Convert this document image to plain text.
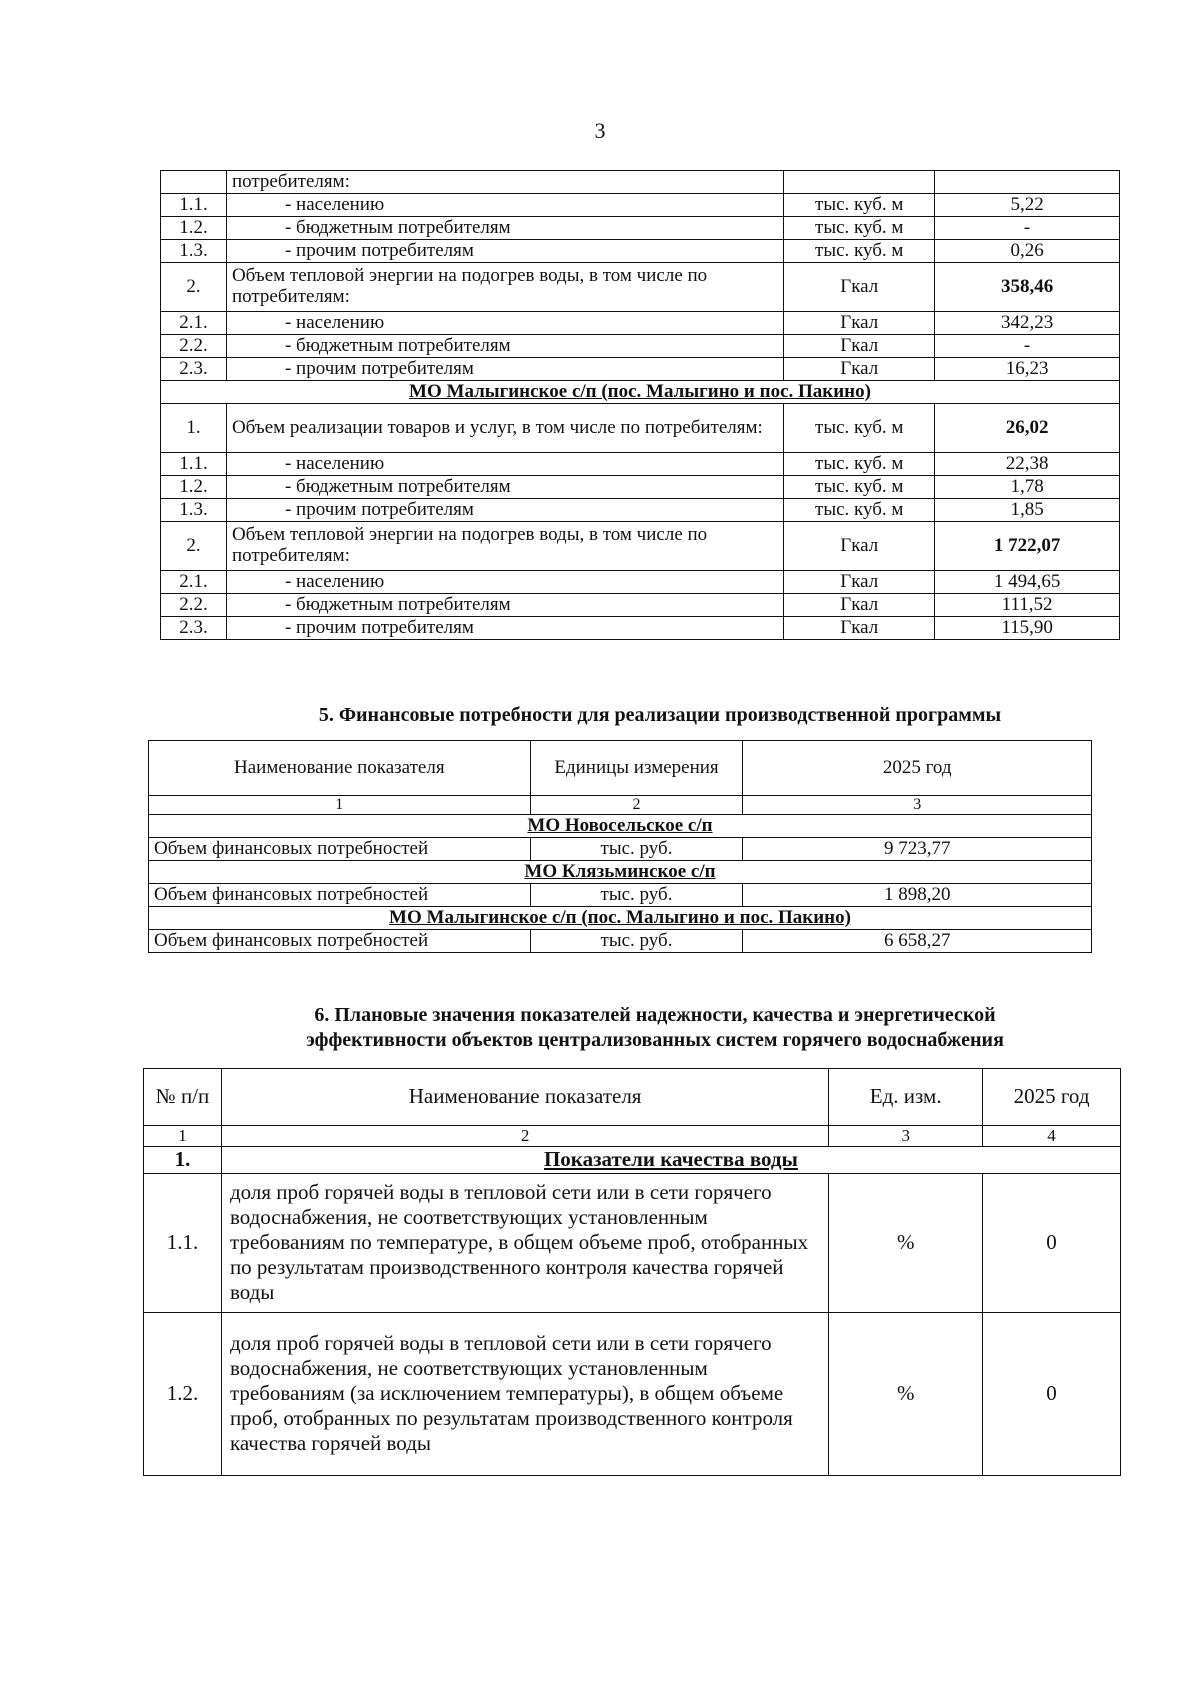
3
	потребителям:		
1.1.	- населению	тыс. куб. м	5,22
1.2.	- бюджетным потребителям	тыс. куб. м	-
1.3.	- прочим потребителям	тыс. куб. м	0,26
2.	Объем тепловой энергии на подогрев воды, в том числе по потребителям:	Гкал	358,46
2.1.	- населению	Гкал	342,23
2.2.	- бюджетным потребителям	Гкал	-
2.3.	- прочим потребителям	Гкал	16,23
МО Малыгинское с/п (пос. Малыгино и пос. Пакино)			
1.	Объем реализации товаров и услуг, в том числе по потребителям:	тыс. куб. м	26,02
1.1.	- населению	тыс. куб. м	22,38
1.2.	- бюджетным потребителям	тыс. куб. м	1,78
1.3.	- прочим потребителям	тыс. куб. м	1,85
2.	Объем тепловой энергии на подогрев воды, в том числе по потребителям:	Гкал	1 722,07
2.1.	- населению	Гкал	1 494,65
2.2.	- бюджетным потребителям	Гкал	111,52
2.3.	- прочим потребителям	Гкал	115,90
5. Финансовые потребности для реализации производственной программы
Наименование показателя	Единицы измерения	2025 год
1	2	3
МО Новосельское с/п		
Объем финансовых потребностей	тыс. руб.	9 723,77
МО Клязьминское с/п		
Объем финансовых потребностей	тыс. руб.	1 898,20
МО Малыгинское с/п (пос. Малыгино и пос. Пакино)		
Объем финансовых потребностей	тыс. руб.	6 658,27
6. Плановые значения показателей надежности, качества и энергетической
эффективности объектов централизованных систем горячего водоснабжения
№ п/п	Наименование показателя	Ед. изм.	2025 год
1	2	3	4
1.	Показатели качества воды		
1.1.	доля проб горячей воды в тепловой сети или в сети горячего водоснабжения, не соответствующих установленным требованиям по температуре, в общем объеме проб, отобранных по результатам производственного контроля качества горячей воды	%	0
1.2.	доля проб горячей воды в тепловой сети или в сети горячего водоснабжения, не соответствующих установленным требованиям (за исключением температуры), в общем объеме проб, отобранных по результатам производственного контроля качества горячей воды	%	0
